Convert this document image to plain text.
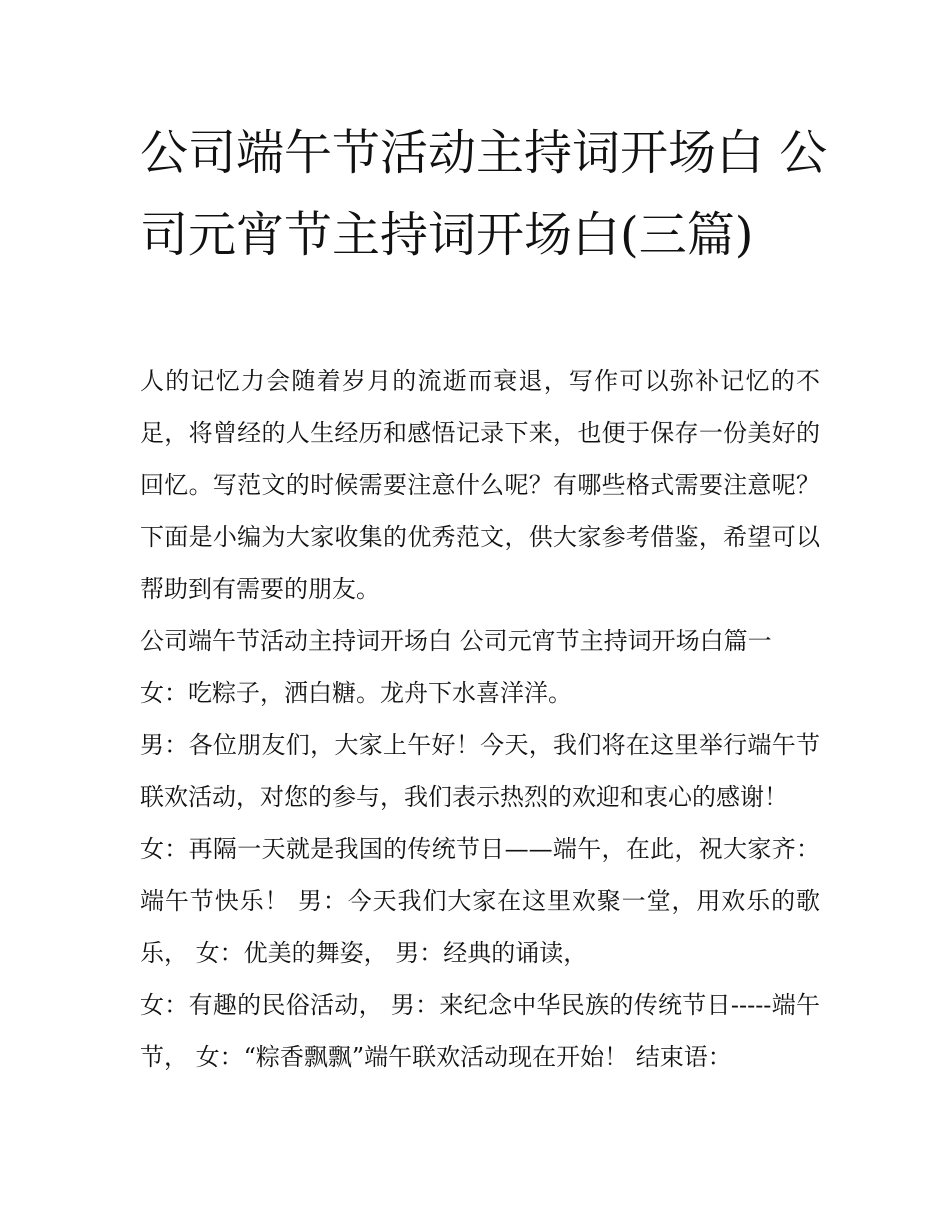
公司端午节活动主持词开场白 公司元宵节主持词开场白(三篇)

人的记忆力会随着岁月的流逝而衰退，写作可以弥补记忆的不足，将曾经的人生经历和感悟记录下来，也便于保存一份美好的回忆。写范文的时候需要注意什么呢？有哪些格式需要注意呢？下面是小编为大家收集的优秀范文，供大家参考借鉴，希望可以帮助到有需要的朋友。

公司端午节活动主持词开场白 公司元宵节主持词开场白篇一

女：吃粽子，洒白糖。龙舟下水喜洋洋。

男：各位朋友们，大家上午好！今天，我们将在这里举行端午节联欢活动，对您的参与，我们表示热烈的欢迎和衷心的感谢！

女：再隔一天就是我国的传统节日——端午，在此，祝大家齐：端午节快乐！ 男：今天我们大家在这里欢聚一堂，用欢乐的歌乐， 女：优美的舞姿， 男：经典的诵读，

女：有趣的民俗活动， 男：来纪念中华民族的传统节日-----端午节， 女：“粽香飘飘”端午联欢活动现在开始！ 结束语：
